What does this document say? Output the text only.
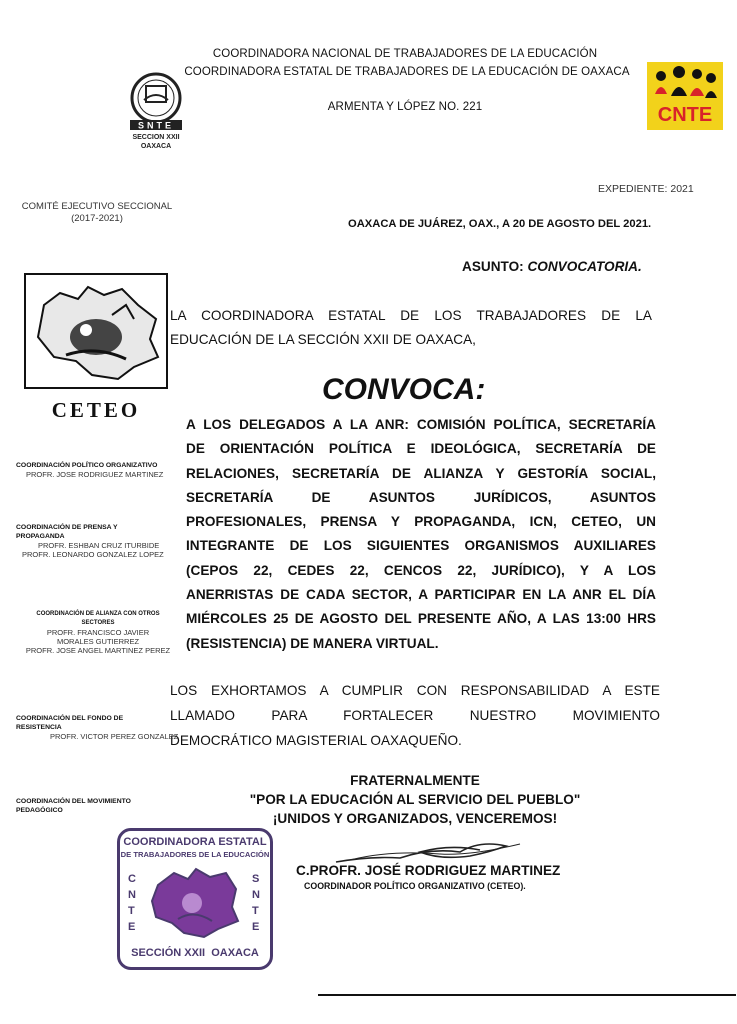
SNTE
SECCION XXII
OAXACA
COORDINADORA NACIONAL DE TRABAJADORES DE LA EDUCACIÓN
COORDINADORA ESTATAL DE TRABAJADORES DE LA EDUCACIÓN DE OAXACA
ARMENTA Y LÓPEZ NO. 221	CNTE
EXPEDIENTE: 2021
COMITÉ EJECUTIVO SECCIONAL
(2017-2021)	OAXACA DE JUÁREZ, OAX., A 20 DE AGOSTO DEL 2021.
ASUNTO: CONVOCATORIA.
CETEO
LA COORDINADORA ESTATAL DE LOS TRABAJADORES DE LA
EDUCACIÓN DE LA SECCIÓN XXII DE OAXACA,
CONVOCA:
A LOS DELEGADOS A LA ANR: COMISIÓN POLÍTICA, SECRETARÍA
DE ORIENTACIÓN POLÍTICA E IDEOLÓGICA, SECRETARÍA DE
RELACIONES, SECRETARÍA DE ALIANZA Y GESTORÍA SOCIAL,
SECRETARÍA DE ASUNTOS JURÍDICOS, ASUNTOS
PROFESIONALES, PRENSA Y PROPAGANDA, ICN, CETEO, UN
INTEGRANTE DE LOS SIGUIENTES ORGANISMOS AUXILIARES
(CEPOS 22, CEDES 22, CENCOS 22, JURÍDICO), Y A LOS
ANERRISTAS DE CADA SECTOR, A PARTICIPAR EN LA ANR EL DÍA
MIÉRCOLES 25 DE AGOSTO DEL PRESENTE AÑO, A LAS 13:00 HRS
(RESISTENCIA) DE MANERA VIRTUAL.
LOS EXHORTAMOS A CUMPLIR CON RESPONSABILIDAD A ESTE
LLAMADO PARA FORTALECER NUESTRO MOVIMIENTO
DEMOCRÁTICO MAGISTERIAL OAXAQUEÑO.
FRATERNALMENTE
"POR LA EDUCACIÓN AL SERVICIO DEL PUEBLO"
¡UNIDOS Y ORGANIZADOS, VENCEREMOS!
C.PROFR. JOSÉ RODRIGUEZ MARTINEZ
COORDINADOR POLÍTICO ORGANIZATIVO (CETEO).
COORDINACIÓN POLÍTICO ORGANIZATIVO
PROFR. JOSE RODRIGUEZ MARTINEZ
COORDINACIÓN DE PRENSA Y PROPAGANDA
PROFR. ESHBAN CRUZ ITURBIDE
PROFR. LEONARDO GONZALEZ LOPEZ
COORDINACIÓN DE ALIANZA CON OTROS SECTORES
PROFR. FRANCISCO JAVIER MORALES GUTIERREZ
PROFR. JOSE ANGEL MARTINEZ PEREZ
COORDINACIÓN DEL FONDO DE RESISTENCIA
PROFR. VICTOR PEREZ GONZALEZ
COORDINACIÓN DEL MOVIMIENTO PEDAGÓGICO
COORDINADORA ESTATAL
DE TRABAJADORES DE LA EDUCACIÓN
CNTE
SNTE
SECCIÓN XXII  OAXACA
